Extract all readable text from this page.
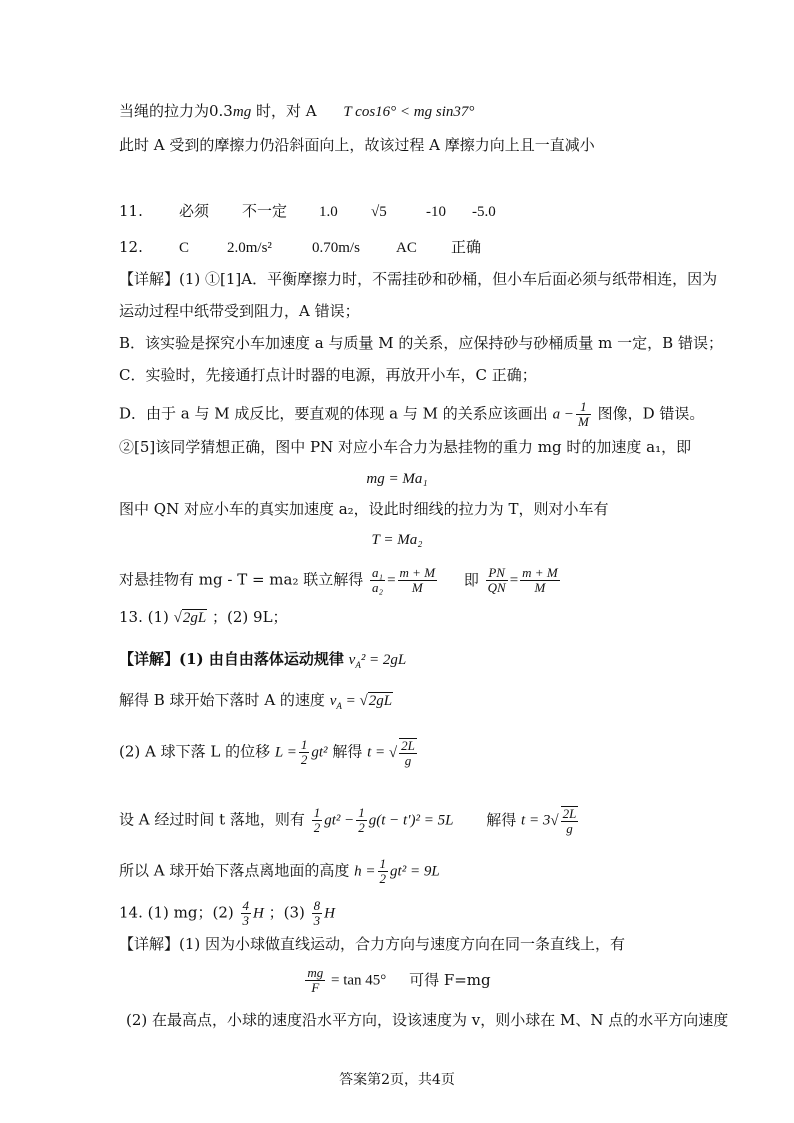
当绳的拉力为0.3mg 时，对 A T cos16° < mg sin37°
此时 A 受到的摩擦力仍沿斜面向上，故该过程 A 摩擦力向上且一直减小
11. 必须 不一定 1.0 √5	-10 -5.0
12. C	2.0m/s²	0.70m/s AC 正确
【详解】(1) ①[1]A．平衡摩擦力时，不需挂砂和砂桶，但小车后面必须与纸带相连，因为
运动过程中纸带受到阻力，A 错误；
B．该实验是探究小车加速度 a 与质量 M 的关系，应保持砂与砂桶质量 m 一定，B 错误；
C．实验时，先接通打点计时器的电源，再放开小车，C 正确；
D．由于 a 与 M 成反比，要直观的体现 a 与 M 的关系应该画出 $a - \frac{1}{M}$ 图像，D 错误。
②[5]该同学猜想正确，图中 PN 对应小车合力为悬挂物的重力 mg 时的加速度 a₁，即
mg = Ma₁
图中 QN 对应小车的真实加速度 a₂，设此时细线的拉力为 T，则对小车有
T = Ma₂
对悬挂物有 mg - T = ma₂ 联立解得 $\frac{\text{a₁}}{\text{a₂}} = \frac{m + M}{M}$ 即 $\frac{PN}{QN} = \frac{m + M}{M}$
13. (1) √2gL ；(2) 9L；
【详解】(1) 由自由落体运动规律 $v_A^2 = 2gL$
解得 B 球开始下落时 A 的速度 $v_A = √2gL$
(2) A 球下落 L 的位移 $L = \frac{1}{2} gt^2$ 解得 t = √ $\frac{2L}{g}$
设 A 经过时间 t 落地，则有 $\frac{1}{2} gt^2 - \frac{1}{2} g(t - t')^2 = 5L$ 解得 $t = 3√ \frac{2L}{g}$
所以 A 球开始下落点离地面的高度 $h = \frac{1}{2} gt^2 = 9L$
14. (1) mg；$(2) \frac{4}{3}$ H ；$(3) \frac{8}{3}$ H
【详解】(1) 因为小球做直线运动，合力方向与速度方向在同一条直线上，有
$\frac{mg}{F} = \tan 45^\circ$ 可得 F=mg
(2) 在最高点，小球的速度沿水平方向，设该速度为 v，则小球在 M、N 点的水平方向速度
答案第2页，共4页
